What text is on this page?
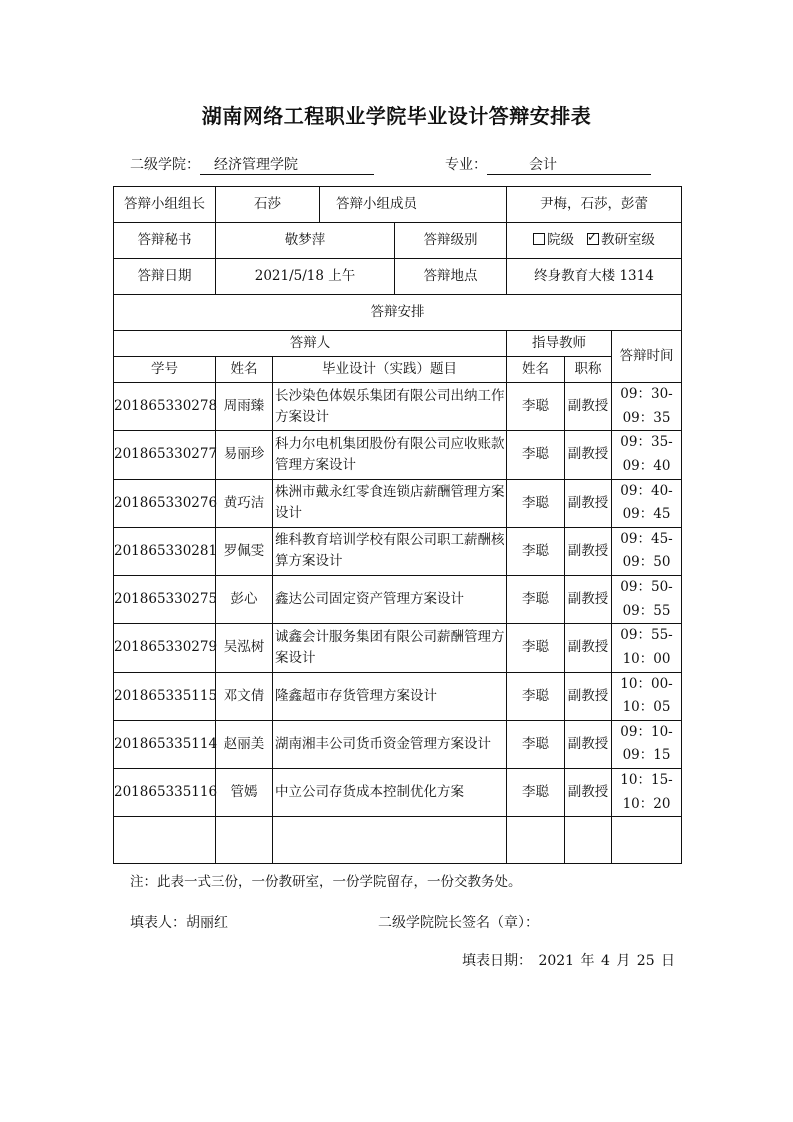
湖南网络工程职业学院毕业设计答辩安排表
二级学院： 经济管理学院	专业：	会计
答辩小组组长	石莎		答辩小组成员		尹梅，石莎，彭蕾		
答辩秘书	敬梦萍			答辩级别	院级 ✓ 教研室级
答辩日期	2021/5/18 上午			答辩地点	终身教育大楼 1314		
答辩安排							
答辩人					指导教师		答辩时间
学号	姓名	毕业设计（实践）题目			姓名	职称	
201865330278	周雨臻	长沙染色体娱乐集团有限公司出纳工作方案设计			李聪	副教授	09：30-09：35
201865330277	易丽珍	科力尔电机集团股份有限公司应收账款管理方案设计			李聪	副教授	09：35-09：40
201865330276	黄巧洁	株洲市戴永红零食连锁店薪酬管理方案设计			李聪	副教授	09：40-09：45
201865330281	罗佩雯	维科教育培训学校有限公司职工薪酬核算方案设计			李聪	副教授	09：45-09：50
201865330275	彭心	鑫达公司固定资产管理方案设计			李聪	副教授	09：50-09：55
201865330279	吴泓树	诚鑫会计服务集团有限公司薪酬管理方案设计			李聪	副教授	09：55-10：00
201865335115	邓文倩	隆鑫超市存货管理方案设计			李聪	副教授	10：00-10：05
201865335114	赵丽美	湖南湘丰公司货币资金管理方案设计			李聪	副教授	09：10-09：15
201865335116	管嫣	中立公司存货成本控制优化方案			李聪	副教授	10：15-10：20

注：此表一式三份，一份教研室，一份学院留存，一份交教务处。
填表人：胡丽红	二级学院院长签名（章）：
填表日期： 2021 年 4 月 25 日
